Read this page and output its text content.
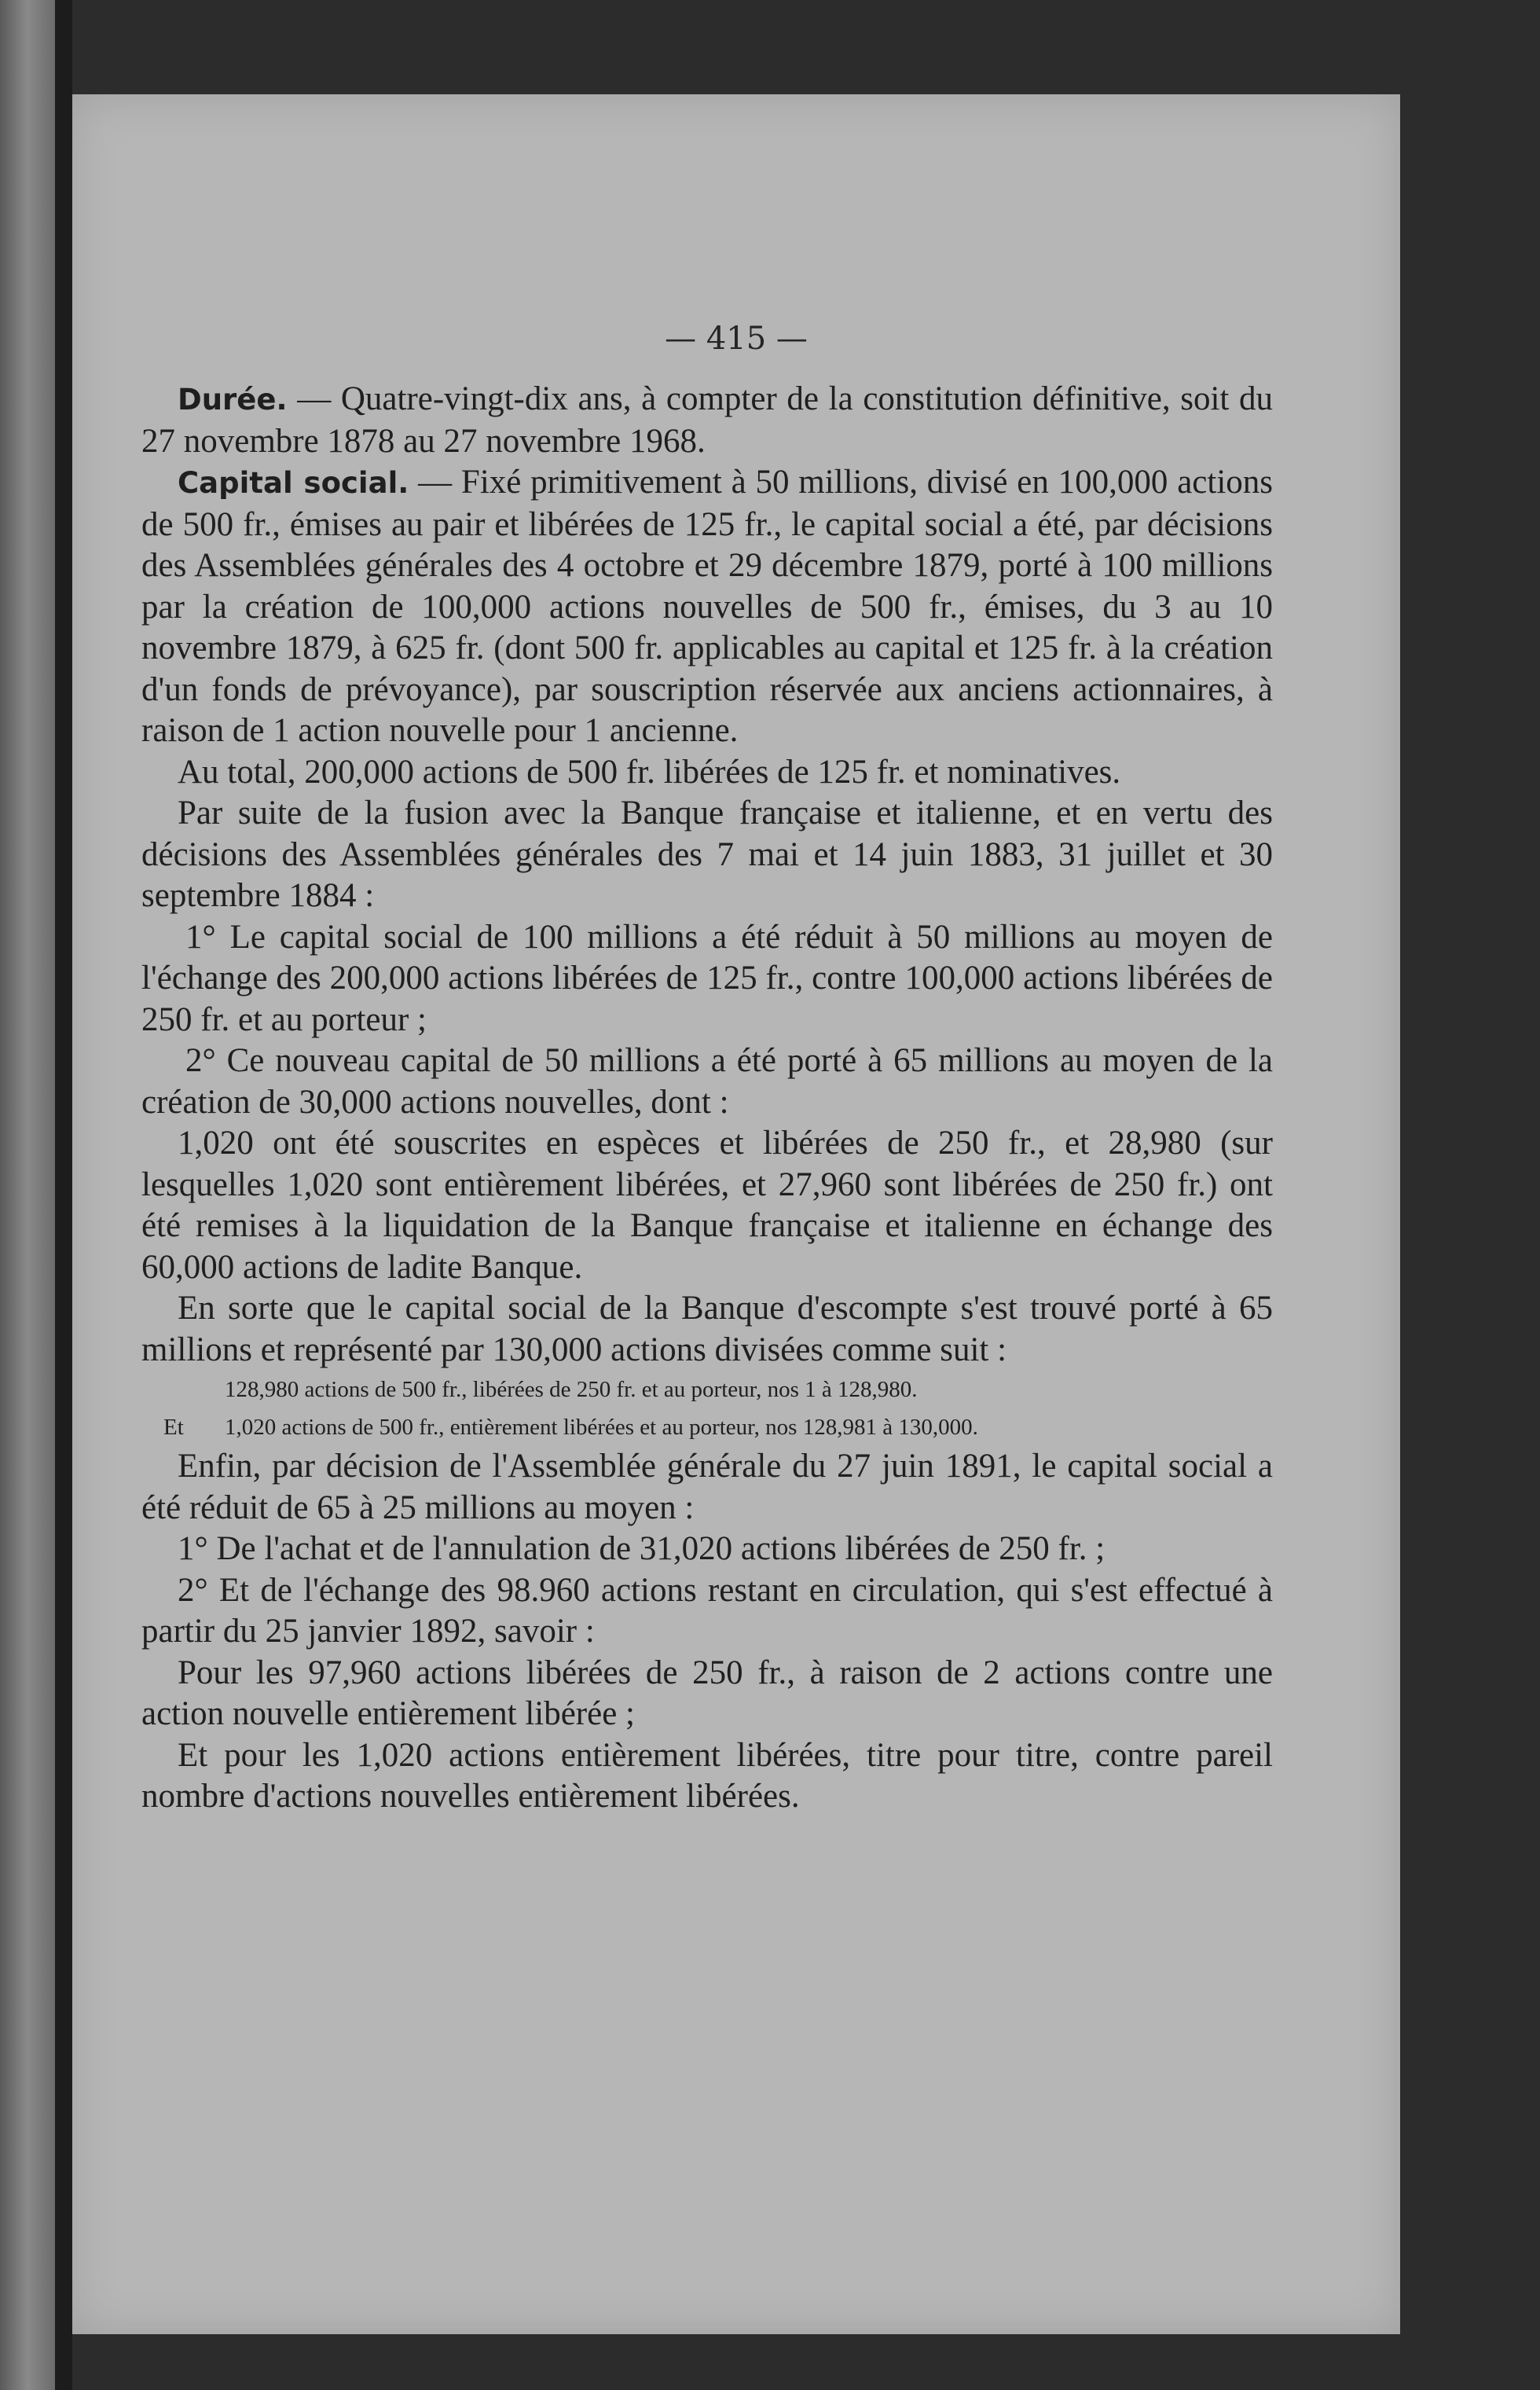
— 415 —

Durée. — Quatre-vingt-dix ans, à compter de la constitution définitive, soit du 27 novembre 1878 au 27 novembre 1968.

Capital social. — Fixé primitivement à 50 millions, divisé en 100,000 actions de 500 fr., émises au pair et libérées de 125 fr., le capital social a été, par décisions des Assemblées générales des 4 octobre et 29 décembre 1879, porté à 100 millions par la création de 100,000 actions nouvelles de 500 fr., émises, du 3 au 10 novembre 1879, à 625 fr. (dont 500 fr. applicables au capital et 125 fr. à la création d'un fonds de prévoyance), par souscription réservée aux anciens actionnaires, à raison de 1 action nouvelle pour 1 ancienne.

Au total, 200,000 actions de 500 fr. libérées de 125 fr. et nominatives.

Par suite de la fusion avec la Banque française et italienne, et en vertu des décisions des Assemblées générales des 7 mai et 14 juin 1883, 31 juillet et 30 septembre 1884 :

1° Le capital social de 100 millions a été réduit à 50 millions au moyen de l'échange des 200,000 actions libérées de 125 fr., contre 100,000 actions libérées de 250 fr. et au porteur ;

2° Ce nouveau capital de 50 millions a été porté à 65 millions au moyen de la création de 30,000 actions nouvelles, dont :

1,020 ont été souscrites en espèces et libérées de 250 fr., et 28,980 (sur lesquelles 1,020 sont entièrement libérées, et 27,960 sont libérées de 250 fr.) ont été remises à la liquidation de la Banque française et italienne en échange des 60,000 actions de ladite Banque.

En sorte que le capital social de la Banque d'escompte s'est trouvé porté à 65 millions et représenté par 130,000 actions divisées comme suit :

128,980 actions de 500 fr., libérées de 250 fr. et au porteur, nos 1 à 128,980.

Et 1,020 actions de 500 fr., entièrement libérées et au porteur, nos 128,981 à 130,000.

Enfin, par décision de l'Assemblée générale du 27 juin 1891, le capital social a été réduit de 65 à 25 millions au moyen :

1° De l'achat et de l'annulation de 31,020 actions libérées de 250 fr. ;

2° Et de l'échange des 98.960 actions restant en circulation, qui s'est effectué à partir du 25 janvier 1892, savoir :

Pour les 97,960 actions libérées de 250 fr., à raison de 2 actions contre une action nouvelle entièrement libérée ;

Et pour les 1,020 actions entièrement libérées, titre pour titre, contre pareil nombre d'actions nouvelles entièrement libérées.
